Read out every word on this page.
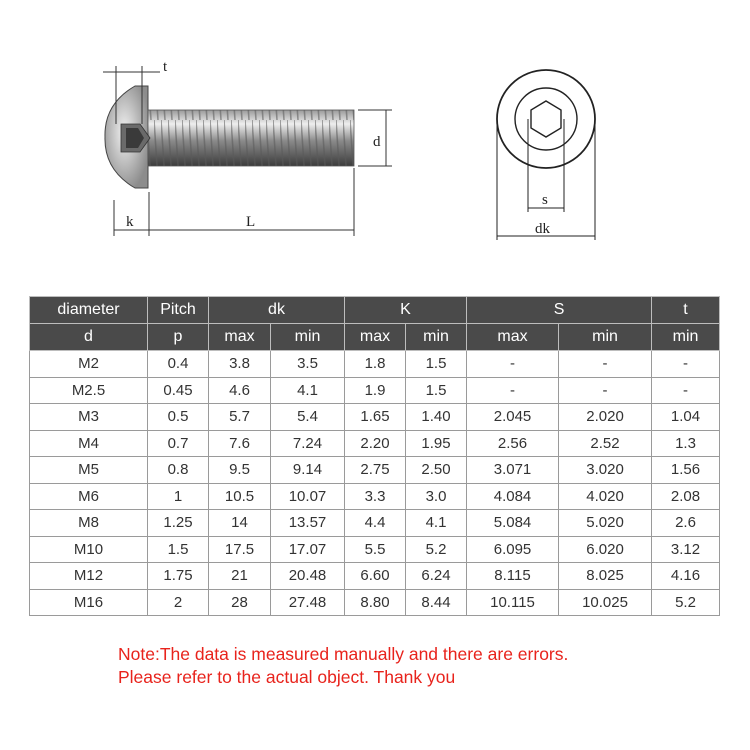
t
d
k	L
s
dk
diameter	Pitch	dk		K		S		t
d	p	max	min	max	min	max	min	min
M2	0.4	3.8	3.5	1.8	1.5	-	-	-
M2.5	0.45	4.6	4.1	1.9	1.5	-	-	-
M3	0.5	5.7	5.4	1.65	1.40	2.045	2.020	1.04
M4	0.7	7.6	7.24	2.20	1.95	2.56	2.52	1.3
M5	0.8	9.5	9.14	2.75	2.50	3.071	3.020	1.56
M6	1	10.5	10.07	3.3	3.0	4.084	4.020	2.08
M8	1.25	14	13.57	4.4	4.1	5.084	5.020	2.6
M10	1.5	17.5	17.07	5.5	5.2	6.095	6.020	3.12
M12	1.75	21	20.48	6.60	6.24	8.115	8.025	4.16
M16	2	28	27.48	8.80	8.44	10.115	10.025	5.2
Note:The data is measured manually and there are errors.
Please refer to the actual object. Thank you
